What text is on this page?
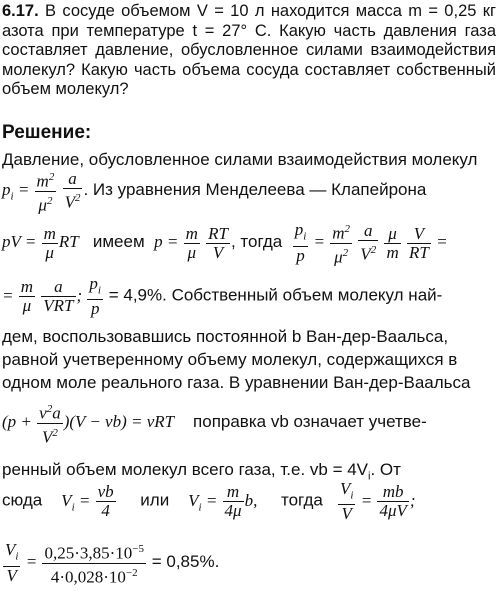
6.17. В сосуде объемом V = 10 л находится масса m = 0,25 кг азота при температуре t = 27° С. Какую часть давления газа составляет давление, обусловленное силами взаимодействия молекул? Какую часть объема сосуда составляет собственный объем молекул?
Решение:
Давление, обусловленное силами взаимодействия молекул
$p_i = \frac{m^2}{\mu^2}$
$\frac{a}{V^2}$ . Из уравнения Менделеева — Клапейрона
pV = $\frac{m}{\mu}$ RT имеем $p = \frac{m}{\mu}$
$\frac{RT}{V}$ , тогда $\frac{p_i}{p} = \frac{m^2}{\mu^2}$
$\frac{a}{V^2}$
$\frac{\mu}{m}$
$\frac{V}{RT}$ =
= $\frac{m}{\mu}$
$\frac{a}{\text{VRT}}$ ; $\frac{p_i}{p} = 4,9\%$. Собственный объем молекул най-
дем, воспользовавшись постоянной b Ван-дер-Ваальса,
равной учетверенному объему молекул, содержащихся в
одном моле реального газа. В уравнении Ван-дер-Ваальса
$(p + \frac{v^2a}{V^2} )(V - vb)$ = vRT поправка vb означает учетве-
ренный объем молекул всего газа, т.е. vb = $4V_i$. От
сюда $V_i = \frac{vb}{4}$ или $V_i = \frac{m}{4\mu} b$, тогда $\frac{V_i}{V} = \frac{mb}{4\mu V}$ ;
$\frac{V_i}{V} = \frac{0,25\cdot 3,85\cdot 10^{-5}}{4\cdot 0,028\cdot 10^{-2}} = 0,85\%$.
